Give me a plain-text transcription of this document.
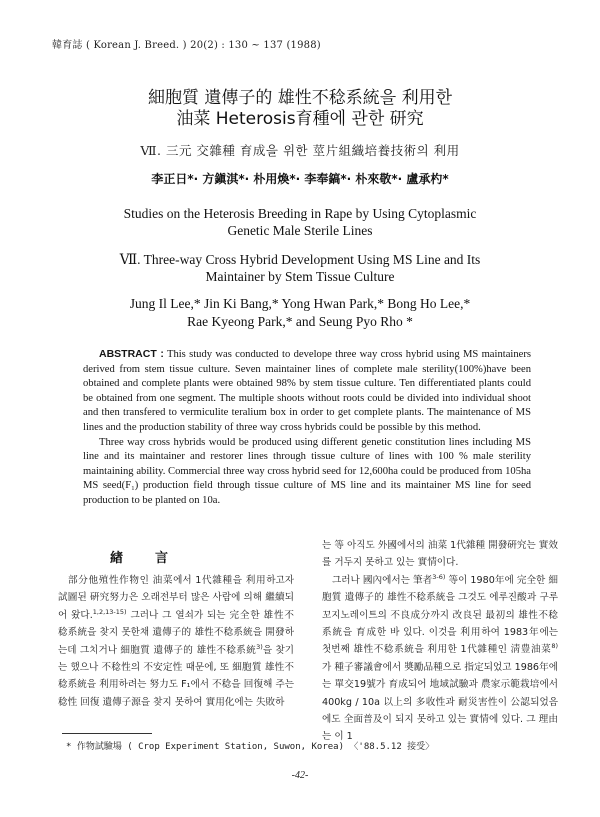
韓育誌 ( Korean J. Breed. ) 20(2) : 130 ~ 137 (1988)
細胞質 遺傳子的 雄性不稔系統을 利用한
油菜 Heterosis育種에 관한 研究
Ⅶ. 三元 交雜種 育成을 위한 莖片組織培養技術의 利用
李正日*· 方鎭淇*· 朴用煥*· 李奉鎬*· 朴來敬*· 盧承杓*
Studies on the Heterosis Breeding in Rape by Using Cytoplasmic
Genetic Male Sterile Lines
Ⅶ. Three-way Cross Hybrid Development Using MS Line and Its
Maintainer by Stem Tissue Culture
Jung Il Lee,* Jin Ki Bang,* Yong Hwan Park,* Bong Ho Lee,*
Rae Kyeong Park,* and Seung Pyo Rho *

ABSTRACT : This study was conducted to develope three way cross hybrid using MS maintainers derived from stem tissue culture. Seven maintainer lines of complete male sterility(100%)have been obtained and complete plants were obtained 98% by stem tissue culture. Ten differentiated plants could be obtained from one segment. The multiple shoots without roots could be divided into individual shoot and then transfered to vermiculite teralium box in order to get complete plants. The maintenance of MS lines and the production stability of three way cross hybrids could be possible by this method.

Three way cross hybrids would be produced using different genetic constitution lines including MS line and its maintainer and restorer lines through tissue culture of lines with 100 % male sterility maintaining ability. Commercial three way cross hybrid seed for 12,600ha could be produced from 105ha MS seed(F₁) production field through tissue culture of MS line and its maintainer MS line for seed production to be planted on 10a.

緖言

部分他殖性作物인 油菜에서 1代雜種을 利用하고자 試圖된 硏究努力은 오래전부터 많은 사람에 의해 繼續되어 왔다.$^{1,2,13-15)}$ 그러나 그 열쇠가 되는 完全한 雄性不稔系統을 찾지 못한채 遺傳子的 雄性不稔系統을 開發하는데 그치거나 細胞質 遺傳子的 雄性不稔系統$^{3)}$을 찾기는 했으나 不稔性의 不安定性 때문에, 또 細胞質 雄性不稔系統을 利用하려는 努力도 F₁에서 不稔을 回復해 주는 稔性 回復 遺傳子源을 찾지 못하여 實用化에는 失敗하

는 等 아직도 外國에서의 油菜 1代雜種 開發硏究는 實效를 거두지 못하고 있는 實情이다.

그러나 國內에서는 筆者$^{3-6)}$ 等이 1980年에 完全한 細胞質 遺傳子的 雄性不稔系統을 그것도 에루진酸과 구루꼬지노레이트의 不良成分까지 改良된 最初의 雄性不稔系統을 育成한 바 있다. 이것을 利用하여 1983年에는 첫번째 雄性不稔系統을 利用한 1代雜種인 淸豊油菜$^{8)}$ 가 種子審議會에서 奬勵品種으로 指定되었고 1986年에는 單交19號가 育成되어 地域試驗과 農家示範栽培에서 400kg / 10a 以上의 多收性과 耐災害性이 公認되었음에도 全面普及이 되지 못하고 있는 實情에 있다. 그 理由는 이 1

* 作物試驗場 ( Crop Experiment Station, Suwon, Korea) 〈'88.5.12 接受〉
-42-
